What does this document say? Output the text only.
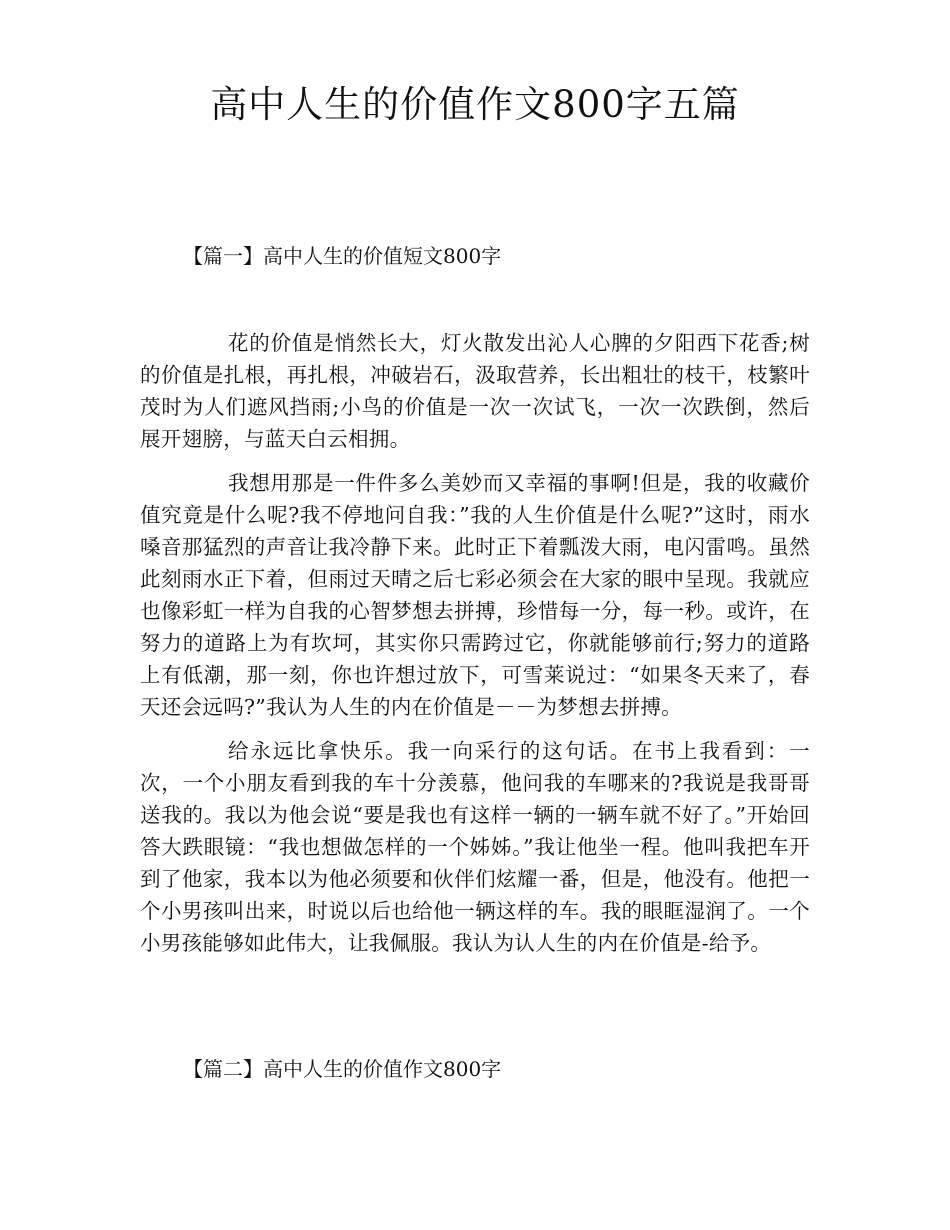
高中人生的价值作文800字五篇
【篇一】高中人生的价值短文800字

花的价值是悄然长大，灯火散发出沁人心脾的夕阳西下花香;树的价值是扎根，再扎根，冲破岩石，汲取营养，长出粗壮的枝干，枝繁叶茂时为人们遮风挡雨;小鸟的价值是一次一次试飞，一次一次跌倒，然后展开翅膀，与蓝天白云相拥。

我想用那是一件件多么美妙而又幸福的事啊!但是，我的收藏价值究竟是什么呢?我不停地问自我：”我的人生价值是什么呢?”这时，雨水嗓音那猛烈的声音让我冷静下来。此时正下着瓢泼大雨，电闪雷鸣。虽然此刻雨水正下着，但雨过天晴之后七彩必须会在大家的眼中呈现。我就应也像彩虹一样为自我的心智梦想去拼搏，珍惜每一分，每一秒。或许，在努力的道路上为有坎坷，其实你只需跨过它，你就能够前行;努力的道路上有低潮，那一刻，你也许想过放下，可雪莱说过：“如果冬天来了，春天还会远吗?”我认为人生的内在价值是－－为梦想去拼搏。

给永远比拿快乐。我一向采行的这句话。在书上我看到：一次，一个小朋友看到我的车十分羡慕，他问我的车哪来的?我说是我哥哥送我的。我以为他会说“要是我也有这样一辆的一辆车就不好了。”开始回答大跌眼镜：“我也想做怎样的一个姊姊。”我让他坐一程。他叫我把车开到了他家，我本以为他必须要和伙伴们炫耀一番，但是，他没有。他把一个小男孩叫出来，时说以后也给他一辆这样的车。我的眼眶湿润了。一个小男孩能够如此伟大，让我佩服。我认为认人生的内在价值是-给予。

【篇二】高中人生的价值作文800字
